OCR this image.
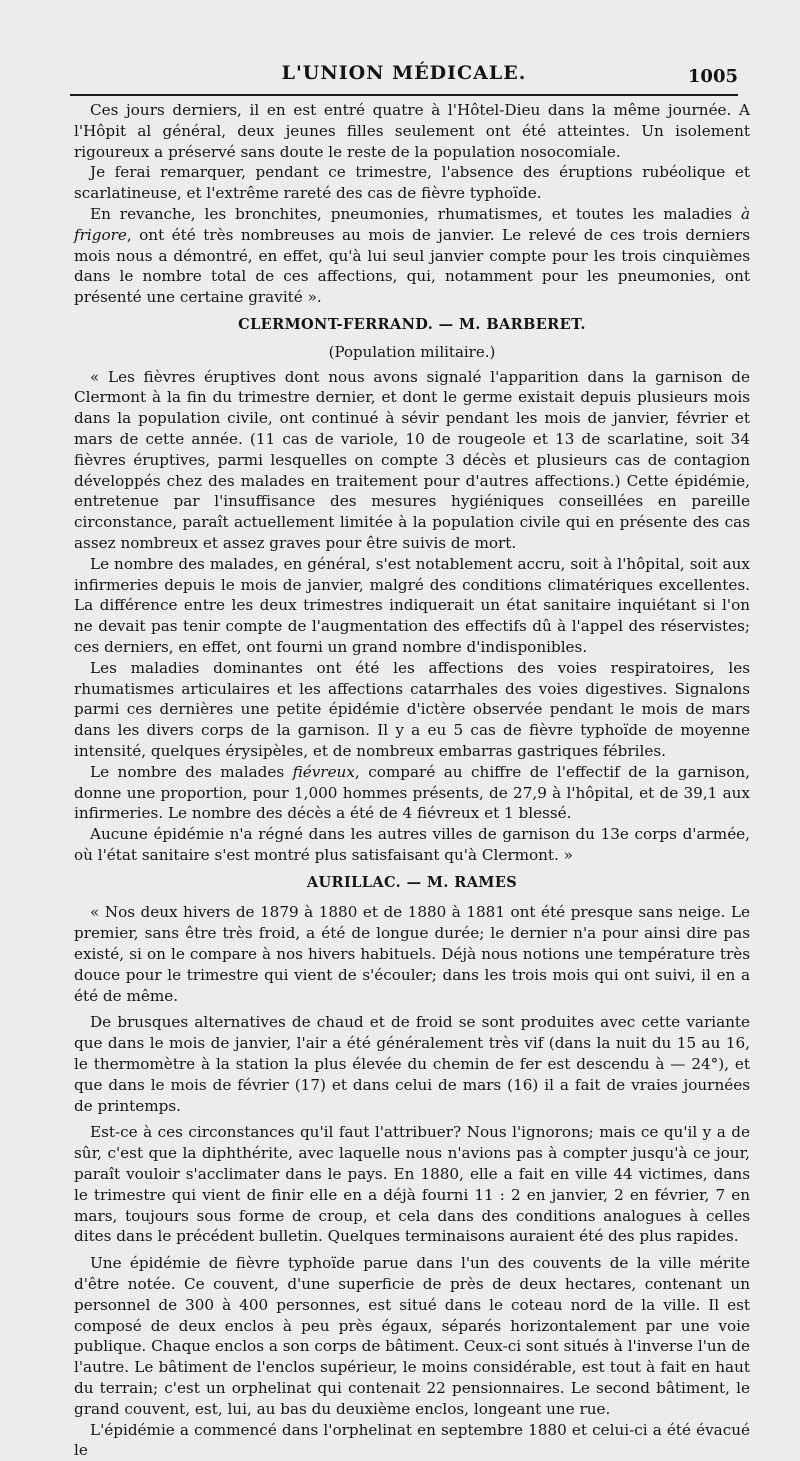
L'UNION MÉDICALE.	1005

Ces jours derniers, il en est entré quatre à l'Hôtel-Dieu dans la même journée. A l'Hôpit al général, deux jeunes filles seulement ont été atteintes. Un isolement rigoureux a préservé sans doute le reste de la population nosocomiale.

Je ferai remarquer, pendant ce trimestre, l'absence des éruptions rubéolique et scarlatineuse, et l'extrême rareté des cas de fièvre typhoïde.

En revanche, les bronchites, pneumonies, rhumatismes, et toutes les maladies à frigore, ont été très nombreuses au mois de janvier. Le relevé de ces trois derniers mois nous a démontré, en effet, qu'à lui seul janvier compte pour les trois cinquièmes dans le nombre total de ces affections, qui, notamment pour les pneumonies, ont présenté une certaine gravité ».

CLERMONT-FERRAND. — M. BARBERET.
(Population militaire.)

« Les fièvres éruptives dont nous avons signalé l'apparition dans la garnison de Clermont à la fin du trimestre dernier, et dont le germe existait depuis plusieurs mois dans la population civile, ont continué à sévir pendant les mois de janvier, février et mars de cette année. (11 cas de variole, 10 de rougeole et 13 de scarlatine, soit 34 fièvres éruptives, parmi lesquelles on compte 3 décès et plusieurs cas de contagion développés chez des malades en traitement pour d'autres affections.) Cette épidémie, entretenue par l'insuffisance des mesures hygiéniques conseillées en pareille circonstance, paraît actuellement limitée à la population civile qui en présente des cas assez nombreux et assez graves pour être suivis de mort.

Le nombre des malades, en général, s'est notablement accru, soit à l'hôpital, soit aux infirmeries depuis le mois de janvier, malgré des conditions climatériques excellentes. La différence entre les deux trimestres indiquerait un état sanitaire inquiétant si l'on ne devait pas tenir compte de l'augmentation des effectifs dû à l'appel des réservistes; ces derniers, en effet, ont fourni un grand nombre d'indisponibles.

Les maladies dominantes ont été les affections des voies respiratoires, les rhumatismes articulaires et les affections catarrhales des voies digestives. Signalons parmi ces dernières une petite épidémie d'ictère observée pendant le mois de mars dans les divers corps de la garnison. Il y a eu 5 cas de fièvre typhoïde de moyenne intensité, quelques érysipèles, et de nombreux embarras gastriques fébriles.

Le nombre des malades fiévreux, comparé au chiffre de l'effectif de la garnison, donne une proportion, pour 1,000 hommes présents, de 27,9 à l'hôpital, et de 39,1 aux infirmeries. Le nombre des décès a été de 4 fiévreux et 1 blessé.

Aucune épidémie n'a régné dans les autres villes de garnison du 13e corps d'armée, où l'état sanitaire s'est montré plus satisfaisant qu'à Clermont. »

AURILLAC. — M. RAMES

« Nos deux hivers de 1879 à 1880 et de 1880 à 1881 ont été presque sans neige. Le premier, sans être très froid, a été de longue durée; le dernier n'a pour ainsi dire pas existé, si on le compare à nos hivers habituels. Déjà nous notions une température très douce pour le trimestre qui vient de s'écouler; dans les trois mois qui ont suivi, il en a été de même.

De brusques alternatives de chaud et de froid se sont produites avec cette variante que dans le mois de janvier, l'air a été généralement très vif (dans la nuit du 15 au 16, le thermomètre à la station la plus élevée du chemin de fer est descendu à — 24°), et que dans le mois de février (17) et dans celui de mars (16) il a fait de vraies journées de printemps.

Est-ce à ces circonstances qu'il faut l'attribuer? Nous l'ignorons; mais ce qu'il y a de sûr, c'est que la diphthérite, avec laquelle nous n'avions pas à compter jusqu'à ce jour, paraît vouloir s'acclimater dans le pays. En 1880, elle a fait en ville 44 victimes, dans le trimestre qui vient de finir elle en a déjà fourni 11 : 2 en janvier, 2 en février, 7 en mars, toujours sous forme de croup, et cela dans des conditions analogues à celles dites dans le précédent bulletin. Quelques terminaisons auraient été des plus rapides.

Une épidémie de fièvre typhoïde parue dans l'un des couvents de la ville mérite d'être notée. Ce couvent, d'une superficie de près de deux hectares, contenant un personnel de 300 à 400 personnes, est situé dans le coteau nord de la ville. Il est composé de deux enclos à peu près égaux, séparés horizontalement par une voie publique. Chaque enclos a son corps de bâtiment. Ceux-ci sont situés à l'inverse l'un de l'autre. Le bâtiment de l'enclos supérieur, le moins considérable, est tout à fait en haut du terrain; c'est un orphelinat qui contenait 22 pensionnaires. Le second bâtiment, le grand couvent, est, lui, au bas du deuxième enclos, longeant une rue.

L'épidémie a commencé dans l'orphelinat en septembre 1880 et celui-ci a été évacué le
